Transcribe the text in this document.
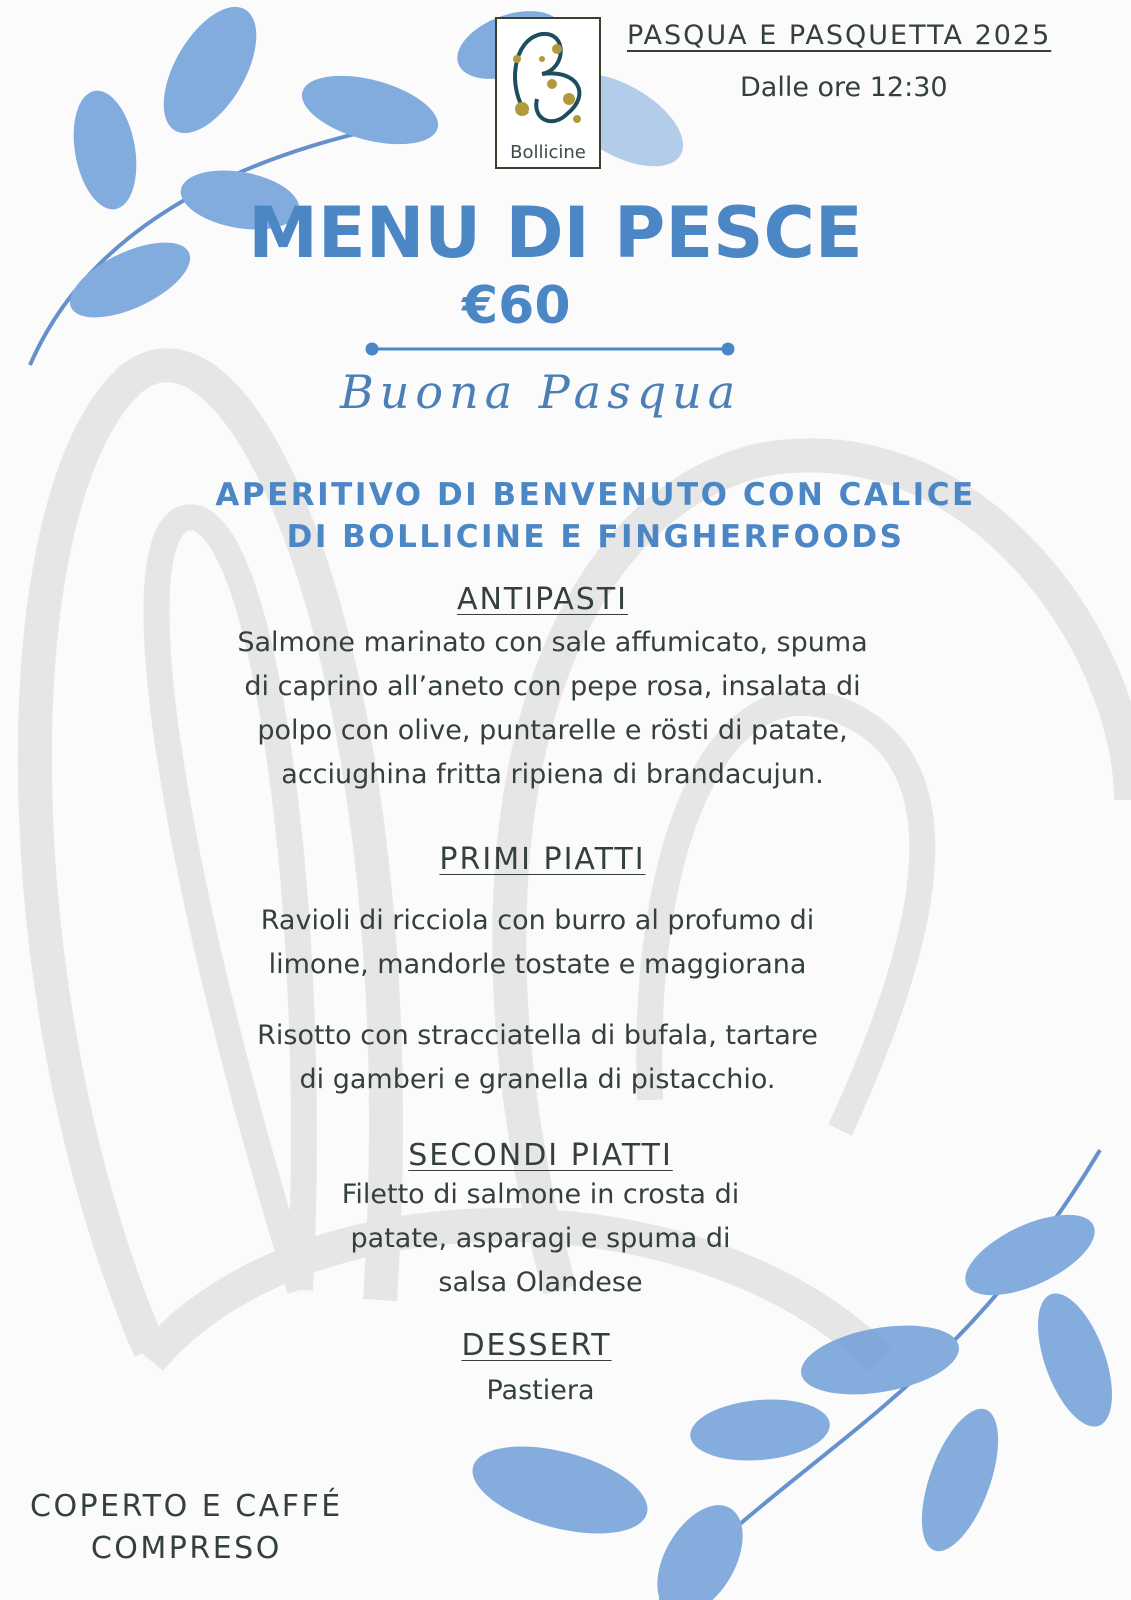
Bollicine
PASQUA E PASQUETTA 2025
Dalle ore 12:30
MENU DI PESCE
€60
Buona Pasqua
APERITIVO DI BENVENUTO CON CALICE
DI BOLLICINE E FINGHERFOODS
ANTIPASTI
Salmone marinato con sale affumicato, spuma
di caprino all’aneto con pepe rosa, insalata di
polpo con olive, puntarelle e rösti di patate,
acciughina fritta ripiena di brandacujun.
PRIMI PIATTI
Ravioli di ricciola con burro al profumo di
limone, mandorle tostate e maggiorana
Risotto con stracciatella di bufala, tartare
di gamberi e granella di pistacchio.
SECONDI PIATTI
Filetto di salmone in crosta di
patate, asparagi e spuma di
salsa Olandese
DESSERT
Pastiera
COPERTO E CAFFÉ
COMPRESO
